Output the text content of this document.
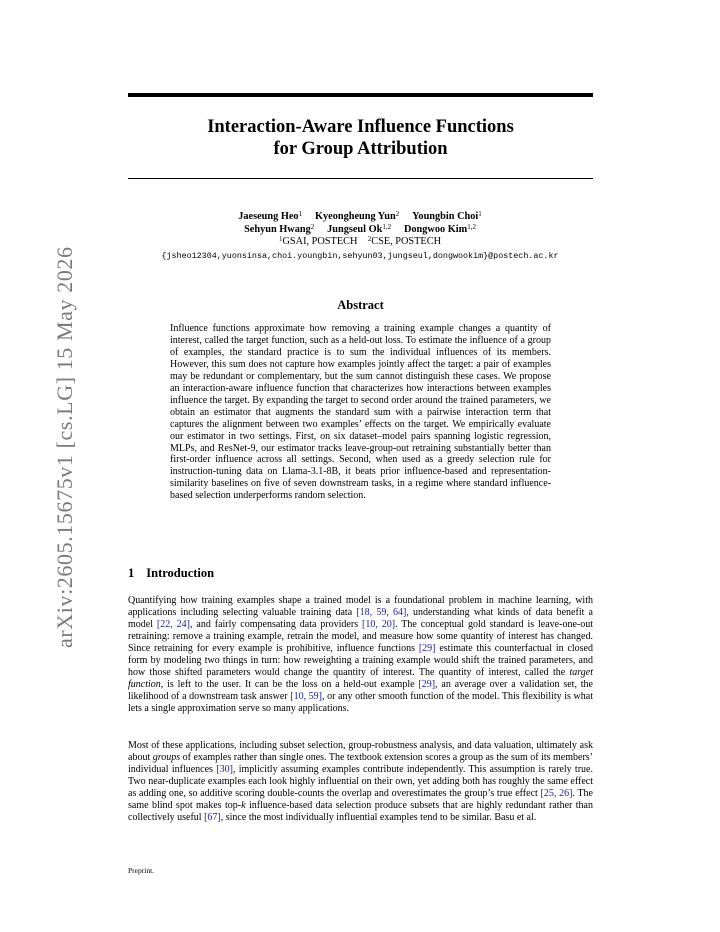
arXiv:2605.15675v1 [cs.LG] 15 May 2026
Interaction-Aware Influence Functions
for Group Attribution
Jaeseung Heo$^1$ Kyeongheung Yun$^2$ Youngbin Choi$^1$
Sehyun Hwang$^2$ Jungseul Ok$^{1,2}$ Dongwoo Kim$^{1,2}$
$^1$GSAI, POSTECH $^2$CSE, POSTECH
{jsheo12304,yuonsinsa,choi.youngbin,sehyun03,jungseul,dongwookim}@postech.ac.kr
Abstract
Influence functions approximate how removing a training example changes a quantity of interest, called the target function, such as a held-out loss. To estimate the influence of a group of examples, the standard practice is to sum the individual influences of its members. However, this sum does not capture how examples jointly affect the target: a pair of examples may be redundant or complementary, but the sum cannot distinguish these cases. We propose an interaction-aware influence function that characterizes how interactions between examples influence the target. By expanding the target to second order around the trained parameters, we obtain an estimator that augments the standard sum with a pairwise interaction term that captures the alignment between two examples’ effects on the target. We empirically evaluate our estimator in two settings. First, on six dataset–model pairs spanning logistic regression, MLPs, and ResNet-9, our estimator tracks leave-group-out retraining substantially better than first-order influence across all settings. Second, when used as a greedy selection rule for instruction-tuning data on Llama-3.1-8B, it beats prior influence-based and representation-similarity baselines on five of seven downstream tasks, in a regime where standard influence-based selection underperforms random selection.
1 Introduction
Quantifying how training examples shape a trained model is a foundational problem in machine learning, with applications including selecting valuable training data [18, 59, 64], understanding what kinds of data benefit a model [22, 24], and fairly compensating data providers [10, 20]. The conceptual gold standard is leave-one-out retraining: remove a training example, retrain the model, and measure how some quantity of interest has changed. Since retraining for every example is prohibitive, influence functions [29] estimate this counterfactual in closed form by modeling two things in turn: how reweighting a training example would shift the trained parameters, and how those shifted parameters would change the quantity of interest. The quantity of interest, called the target function, is left to the user. It can be the loss on a held-out example [29], an average over a validation set, the likelihood of a downstream task answer [10, 59], or any other smooth function of the model. This flexibility is what lets a single approximation serve so many applications.
Most of these applications, including subset selection, group-robustness analysis, and data valuation, ultimately ask about groups of examples rather than single ones. The textbook extension scores a group as the sum of its members’ individual influences [30], implicitly assuming examples contribute independently. This assumption is rarely true. Two near-duplicate examples each look highly influential on their own, yet adding both has roughly the same effect as adding one, so additive scoring double-counts the overlap and overestimates the group’s true effect [25, 26]. The same blind spot makes top-k influence-based data selection produce subsets that are highly redundant rather than collectively useful [67], since the most individually influential examples tend to be similar. Basu et al.
Preprint.
